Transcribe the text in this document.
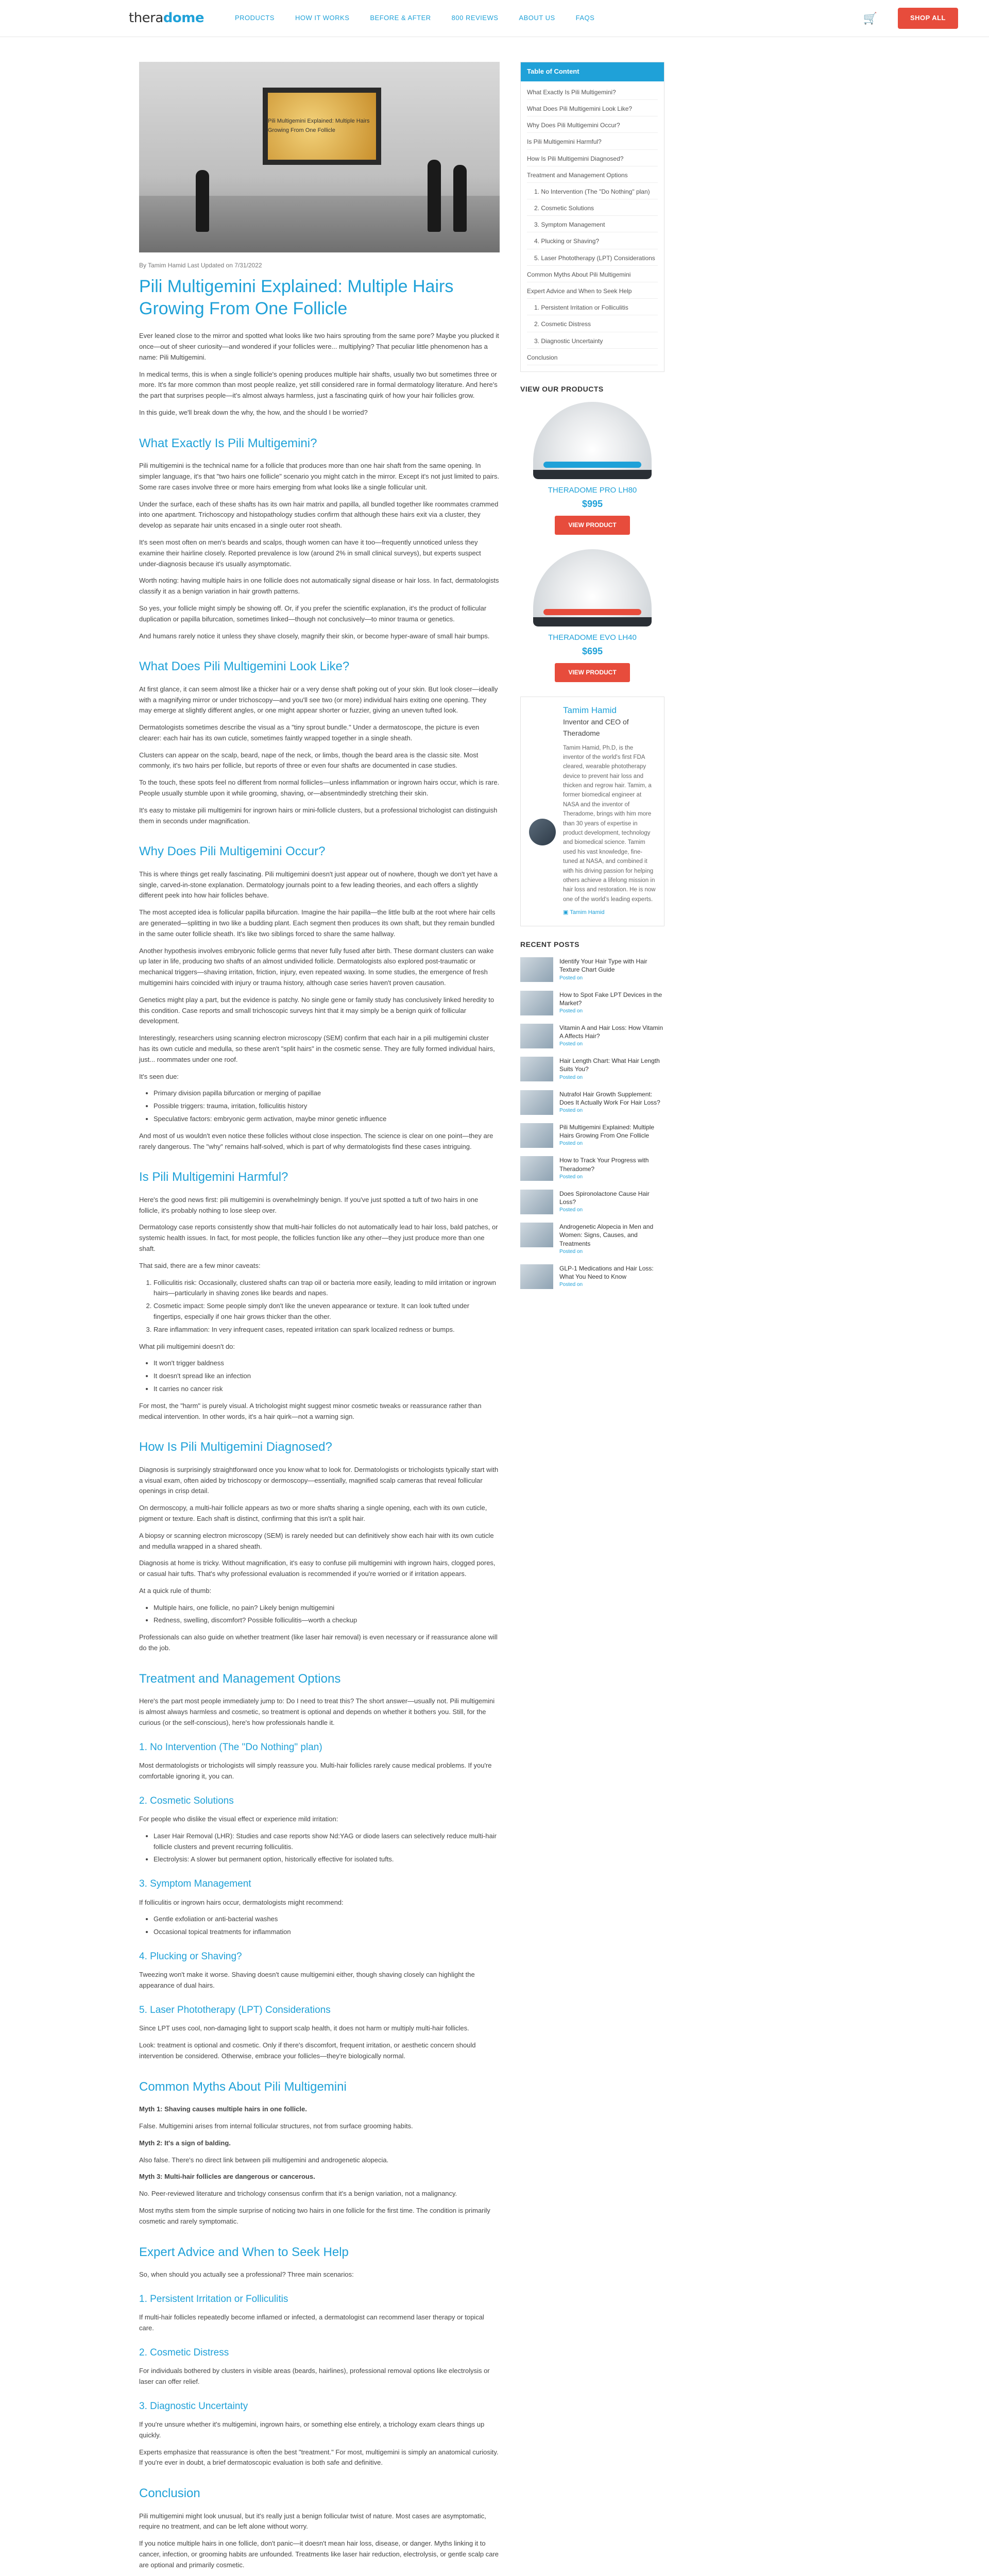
theradome	PRODUCTS	HOW IT WORKS	BEFORE & AFTER	800 REVIEWS	ABOUT US	FAQS	🛒	SHOP ALL
Pili Multigemini Explained: Multiple Hairs Growing From One Follicle
By Tamim Hamid Last Updated on 7/31/2022
Pili Multigemini Explained: Multiple Hairs Growing From One Follicle

Ever leaned close to the mirror and spotted what looks like two hairs sprouting from the same pore? Maybe you plucked it once—out of sheer curiosity—and wondered if your follicles were... multiplying? That peculiar little phenomenon has a name: Pili Multigemini.

In medical terms, this is when a single follicle's opening produces multiple hair shafts, usually two but sometimes three or more. It's far more common than most people realize, yet still considered rare in formal dermatology literature. And here's the part that surprises people—it's almost always harmless, just a fascinating quirk of how your hair follicles grow.

In this guide, we'll break down the why, the how, and the should I be worried?

What Exactly Is Pili Multigemini?

Pili multigemini is the technical name for a follicle that produces more than one hair shaft from the same opening. In simpler language, it's that "two hairs one follicle" scenario you might catch in the mirror. Except it's not just limited to pairs. Some rare cases involve three or more hairs emerging from what looks like a single follicular unit.

Under the surface, each of these shafts has its own hair matrix and papilla, all bundled together like roommates crammed into one apartment. Trichoscopy and histopathology studies confirm that although these hairs exit via a cluster, they develop as separate hair units encased in a single outer root sheath.

It's seen most often on men's beards and scalps, though women can have it too—frequently unnoticed unless they examine their hairline closely. Reported prevalence is low (around 2% in small clinical surveys), but experts suspect under-diagnosis because it's usually asymptomatic.

Worth noting: having multiple hairs in one follicle does not automatically signal disease or hair loss. In fact, dermatologists classify it as a benign variation in hair growth patterns.

So yes, your follicle might simply be showing off. Or, if you prefer the scientific explanation, it's the product of follicular duplication or papilla bifurcation, sometimes linked—though not conclusively—to minor trauma or genetics.

And humans rarely notice it unless they shave closely, magnify their skin, or become hyper-aware of small hair bumps.

What Does Pili Multigemini Look Like?

At first glance, it can seem almost like a thicker hair or a very dense shaft poking out of your skin. But look closer—ideally with a magnifying mirror or under trichoscopy—and you'll see two (or more) individual hairs exiting one opening. They may emerge at slightly different angles, or one might appear shorter or fuzzier, giving an uneven tufted look.

Dermatologists sometimes describe the visual as a "tiny sprout bundle." Under a dermatoscope, the picture is even clearer: each hair has its own cuticle, sometimes faintly wrapped together in a single sheath.

Clusters can appear on the scalp, beard, nape of the neck, or limbs, though the beard area is the classic site. Most commonly, it's two hairs per follicle, but reports of three or even four shafts are documented in case studies.

To the touch, these spots feel no different from normal follicles—unless inflammation or ingrown hairs occur, which is rare. People usually stumble upon it while grooming, shaving, or—absentmindedly stretching their skin.

It's easy to mistake pili multigemini for ingrown hairs or mini-follicle clusters, but a professional trichologist can distinguish them in seconds under magnification.

Why Does Pili Multigemini Occur?

This is where things get really fascinating. Pili multigemini doesn't just appear out of nowhere, though we don't yet have a single, carved-in-stone explanation. Dermatology journals point to a few leading theories, and each offers a slightly different peek into how hair follicles behave.

The most accepted idea is follicular papilla bifurcation. Imagine the hair papilla—the little bulb at the root where hair cells are generated—splitting in two like a budding plant. Each segment then produces its own shaft, but they remain bundled in the same outer follicle sheath. It's like two siblings forced to share the same hallway.

Another hypothesis involves embryonic follicle germs that never fully fused after birth. These dormant clusters can wake up later in life, producing two shafts of an almost undivided follicle. Dermatologists also explored post-traumatic or mechanical triggers—shaving irritation, friction, injury, even repeated waxing. In some studies, the emergence of fresh multigemini hairs coincided with injury or trauma history, although case series haven't proven causation.

Genetics might play a part, but the evidence is patchy. No single gene or family study has conclusively linked heredity to this condition. Case reports and small trichoscopic surveys hint that it may simply be a benign quirk of follicular development.

Interestingly, researchers using scanning electron microscopy (SEM) confirm that each hair in a pili multigemini cluster has its own cuticle and medulla, so these aren't "split hairs" in the cosmetic sense. They are fully formed individual hairs, just... roommates under one roof.

It's seen due:

• Primary division papilla bifurcation or merging of papillae
• Possible triggers: trauma, irritation, folliculitis history
• Speculative factors: embryonic germ activation, maybe minor genetic influence

And most of us wouldn't even notice these follicles without close inspection. The science is clear on one point—they are rarely dangerous. The "why" remains half-solved, which is part of why dermatologists find these cases intriguing.

Is Pili Multigemini Harmful?

Here's the good news first: pili multigemini is overwhelmingly benign. If you've just spotted a tuft of two hairs in one follicle, it's probably nothing to lose sleep over.

Dermatology case reports consistently show that multi-hair follicles do not automatically lead to hair loss, bald patches, or systemic health issues. In fact, for most people, the follicles function like any other—they just produce more than one shaft.

That said, there are a few minor caveats:

1. Folliculitis risk: Occasionally, clustered shafts can trap oil or bacteria more easily, leading to mild irritation or ingrown hairs—particularly in shaving zones like beards and napes.
2. Cosmetic impact: Some people simply don't like the uneven appearance or texture. It can look tufted under fingertips, especially if one hair grows thicker than the other.
3. Rare inflammation: In very infrequent cases, repeated irritation can spark localized redness or bumps.

What pili multigemini doesn't do:

• It won't trigger baldness
• It doesn't spread like an infection
• It carries no cancer risk

For most, the "harm" is purely visual. A trichologist might suggest minor cosmetic tweaks or reassurance rather than medical intervention. In other words, it's a hair quirk—not a warning sign.

How Is Pili Multigemini Diagnosed?

Diagnosis is surprisingly straightforward once you know what to look for. Dermatologists or trichologists typically start with a visual exam, often aided by trichoscopy or dermoscopy—essentially, magnified scalp cameras that reveal follicular openings in crisp detail.

On dermoscopy, a multi-hair follicle appears as two or more shafts sharing a single opening, each with its own cuticle, pigment or texture. Each shaft is distinct, confirming that this isn't a split hair.

A biopsy or scanning electron microscopy (SEM) is rarely needed but can definitively show each hair with its own cuticle and medulla wrapped in a shared sheath.

Diagnosis at home is tricky. Without magnification, it's easy to confuse pili multigemini with ingrown hairs, clogged pores, or casual hair tufts. That's why professional evaluation is recommended if you're worried or if irritation appears.

At a quick rule of thumb:

• Multiple hairs, one follicle, no pain? Likely benign multigemini
• Redness, swelling, discomfort? Possible folliculitis—worth a checkup

Professionals can also guide on whether treatment (like laser hair removal) is even necessary or if reassurance alone will do the job.

Treatment and Management Options

Here's the part most people immediately jump to: Do I need to treat this? The short answer—usually not. Pili multigemini is almost always harmless and cosmetic, so treatment is optional and depends on whether it bothers you. Still, for the curious (or the self-conscious), here's how professionals handle it.

1. No Intervention (The "Do Nothing" plan)

Most dermatologists or trichologists will simply reassure you. Multi-hair follicles rarely cause medical problems. If you're comfortable ignoring it, you can.

2. Cosmetic Solutions

For people who dislike the visual effect or experience mild irritation:

• Laser Hair Removal (LHR): Studies and case reports show Nd:YAG or diode lasers can selectively reduce multi-hair follicle clusters and prevent recurring folliculitis.
• Electrolysis: A slower but permanent option, historically effective for isolated tufts.
3. Symptom Management

If folliculitis or ingrown hairs occur, dermatologists might recommend:

• Gentle exfoliation or anti-bacterial washes
• Occasional topical treatments for inflammation
4. Plucking or Shaving?

Tweezing won't make it worse. Shaving doesn't cause multigemini either, though shaving closely can highlight the appearance of dual hairs.

5. Laser Phototherapy (LPT) Considerations

Since LPT uses cool, non-damaging light to support scalp health, it does not harm or multiply multi-hair follicles.

Look: treatment is optional and cosmetic. Only if there's discomfort, frequent irritation, or aesthetic concern should intervention be considered. Otherwise, embrace your follicles—they're biologically normal.

Common Myths About Pili Multigemini

Myth 1: Shaving causes multiple hairs in one follicle.

False. Multigemini arises from internal follicular structures, not from surface grooming habits.

Myth 2: It's a sign of balding.

Also false. There's no direct link between pili multigemini and androgenetic alopecia.

Myth 3: Multi-hair follicles are dangerous or cancerous.

No. Peer-reviewed literature and trichology consensus confirm that it's a benign variation, not a malignancy.

Most myths stem from the simple surprise of noticing two hairs in one follicle for the first time. The condition is primarily cosmetic and rarely symptomatic.

Expert Advice and When to Seek Help

So, when should you actually see a professional? Three main scenarios:

1. Persistent Irritation or Folliculitis

If multi-hair follicles repeatedly become inflamed or infected, a dermatologist can recommend laser therapy or topical care.

2. Cosmetic Distress

For individuals bothered by clusters in visible areas (beards, hairlines), professional removal options like electrolysis or laser can offer relief.

3. Diagnostic Uncertainty

If you're unsure whether it's multigemini, ingrown hairs, or something else entirely, a trichology exam clears things up quickly.

Experts emphasize that reassurance is often the best "treatment." For most, multigemini is simply an anatomical curiosity. If you're ever in doubt, a brief dermatoscopic evaluation is both safe and definitive.

Conclusion

Pili multigemini might look unusual, but it's really just a benign follicular twist of nature. Most cases are asymptomatic, require no treatment, and can be left alone without worry.

If you notice multiple hairs in one follicle, don't panic—it doesn't mean hair loss, disease, or danger. Myths linking it to cancer, infection, or grooming habits are unfounded. Treatments like laser hair reduction, electrolysis, or gentle scalp care are optional and primarily cosmetic.

Table of Content
What Exactly Is Pili Multigemini?
What Does Pili Multigemini Look Like?
Why Does Pili Multigemini Occur?
Is Pili Multigemini Harmful?
How Is Pili Multigemini Diagnosed?
Treatment and Management Options
1. No Intervention (The "Do Nothing" plan)
2. Cosmetic Solutions
3. Symptom Management
4. Plucking or Shaving?
5. Laser Phototherapy (LPT) Considerations
Common Myths About Pili Multigemini
Expert Advice and When to Seek Help
1. Persistent Irritation or Folliculitis
2. Cosmetic Distress
3. Diagnostic Uncertainty
Conclusion
VIEW OUR PRODUCTS
THERADOME PRO LH80
$995
VIEW PRODUCT
THERADOME EVO LH40
$695
VIEW PRODUCT
Tamim Hamid
Inventor and CEO of Theradome
Tamim Hamid, Ph.D, is the inventor of the world's first FDA cleared, wearable phototherapy device to prevent hair loss and thicken and regrow hair. Tamim, a former biomedical engineer at NASA and the inventor of Theradome, brings with him more than 30 years of expertise in product development, technology and biomedical science. Tamim used his vast knowledge, fine-tuned at NASA, and combined it with his driving passion for helping others achieve a lifelong mission in hair loss and restoration. He is now one of the world's leading experts.
▣ Tamim Hamid
RECENT POSTS
Identify Your Hair Type with Hair Texture Chart Guide
Posted on
How to Spot Fake LPT Devices in the Market?
Posted on
Vitamin A and Hair Loss: How Vitamin A Affects Hair?
Posted on
Hair Length Chart: What Hair Length Suits You?
Posted on
Nutrafol Hair Growth Supplement: Does It Actually Work For Hair Loss?
Posted on
Pili Multigemini Explained: Multiple Hairs Growing From One Follicle
Posted on
How to Track Your Progress with Theradome?
Posted on
Does Spironolactone Cause Hair Loss?
Posted on
Androgenetic Alopecia in Men and Women: Signs, Causes, and Treatments
Posted on
GLP-1 Medications and Hair Loss: What You Need to Know
Posted on
